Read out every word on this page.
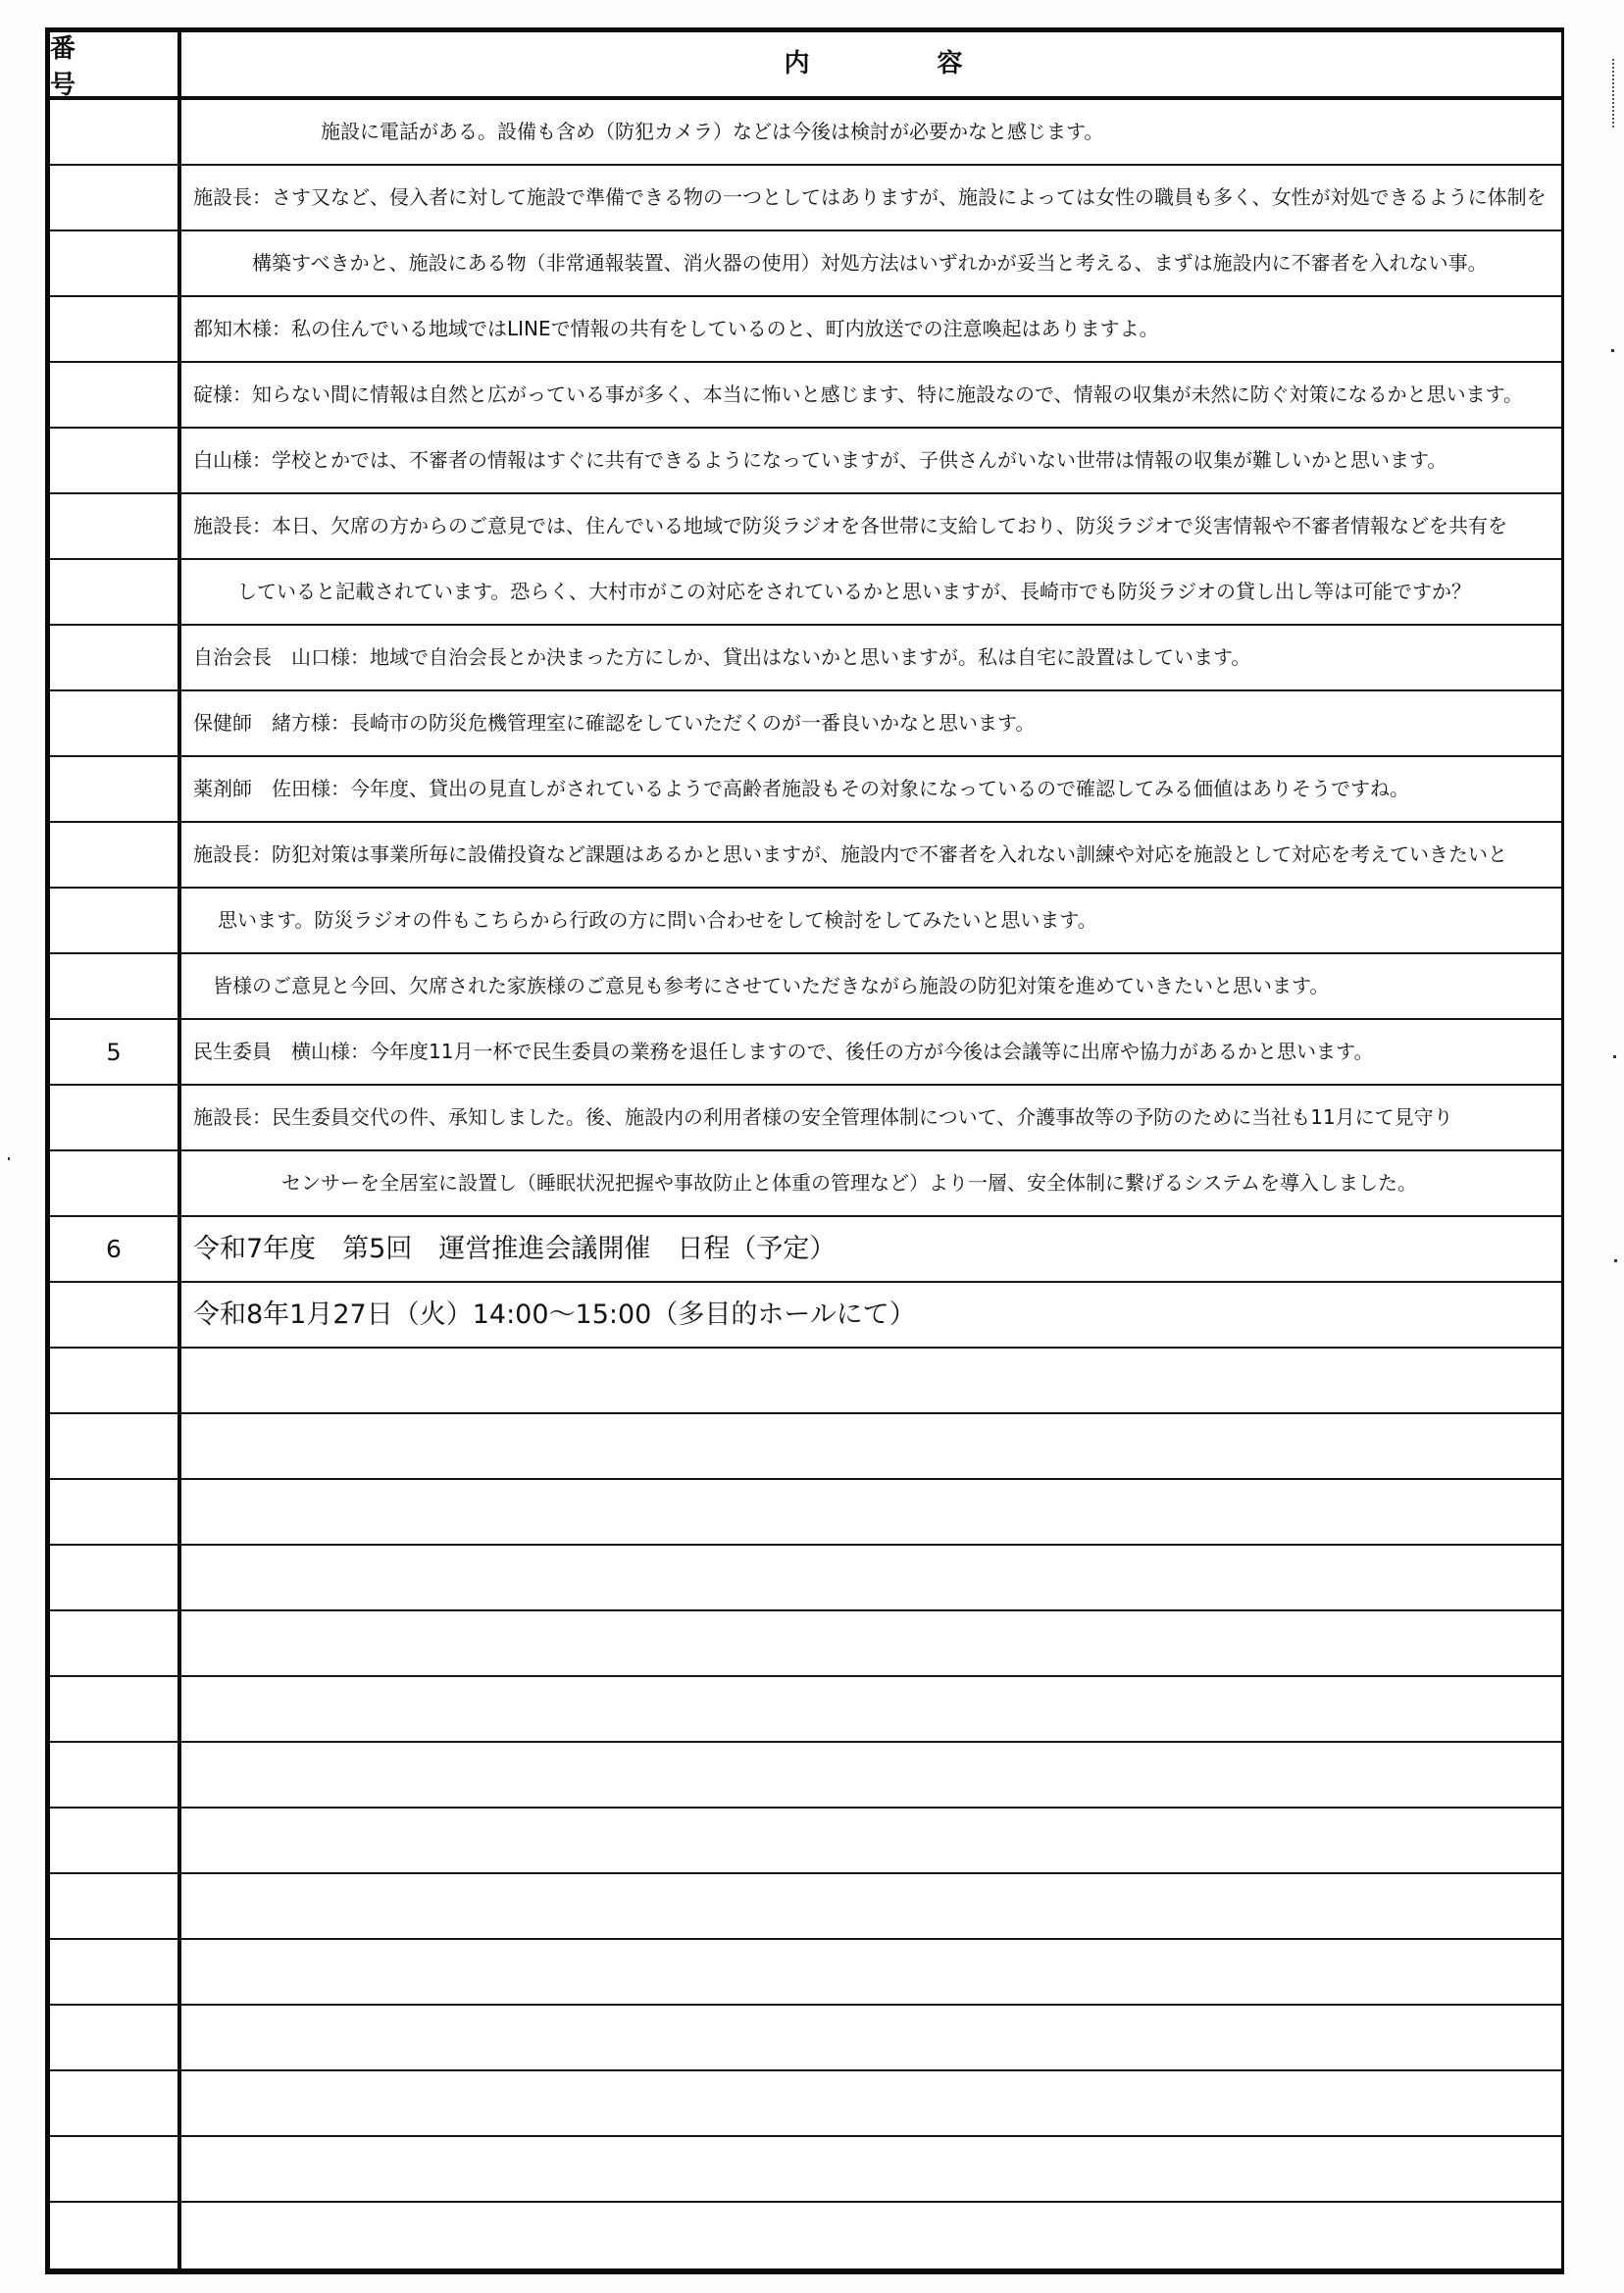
番　　　号
内　　　　　容
施設に電話がある。設備も含め（防犯カメラ）などは今後は検討が必要かなと感じます。
施設長：さす又など、侵入者に対して施設で準備できる物の一つとしてはありますが、施設によっては女性の職員も多く、女性が対処できるように体制を
構築すべきかと、施設にある物（非常通報装置、消火器の使用）対処方法はいずれかが妥当と考える、まずは施設内に不審者を入れない事。
都知木様：私の住んでいる地域ではLINEで情報の共有をしているのと、町内放送での注意喚起はありますよ。
碇様：知らない間に情報は自然と広がっている事が多く、本当に怖いと感じます、特に施設なので、情報の収集が未然に防ぐ対策になるかと思います。
白山様：学校とかでは、不審者の情報はすぐに共有できるようになっていますが、子供さんがいない世帯は情報の収集が難しいかと思います。
施設長：本日、欠席の方からのご意見では、住んでいる地域で防災ラジオを各世帯に支給しており、防災ラジオで災害情報や不審者情報などを共有を
していると記載されています。恐らく、大村市がこの対応をされているかと思いますが、長崎市でも防災ラジオの貸し出し等は可能ですか？
自治会長　山口様：地域で自治会長とか決まった方にしか、貸出はないかと思いますが。私は自宅に設置はしています。
保健師　緒方様：長崎市の防災危機管理室に確認をしていただくのが一番良いかなと思います。
薬剤師　佐田様：今年度、貸出の見直しがされているようで高齢者施設もその対象になっているので確認してみる価値はありそうですね。
施設長：防犯対策は事業所毎に設備投資など課題はあるかと思いますが、施設内で不審者を入れない訓練や対応を施設として対応を考えていきたいと
思います。防災ラジオの件もこちらから行政の方に問い合わせをして検討をしてみたいと思います。
皆様のご意見と今回、欠席された家族様のご意見も参考にさせていただきながら施設の防犯対策を進めていきたいと思います。
5	民生委員　横山様：今年度11月一杯で民生委員の業務を退任しますので、後任の方が今後は会議等に出席や協力があるかと思います。
施設長：民生委員交代の件、承知しました。後、施設内の利用者様の安全管理体制について、介護事故等の予防のために当社も11月にて見守り
センサーを全居室に設置し（睡眠状況把握や事故防止と体重の管理など）より一層、安全体制に繋げるシステムを導入しました。
6	令和7年度　第5回　運営推進会議開催　日程（予定）
令和8年1月27日（火）14:00～15:00（多目的ホールにて）
